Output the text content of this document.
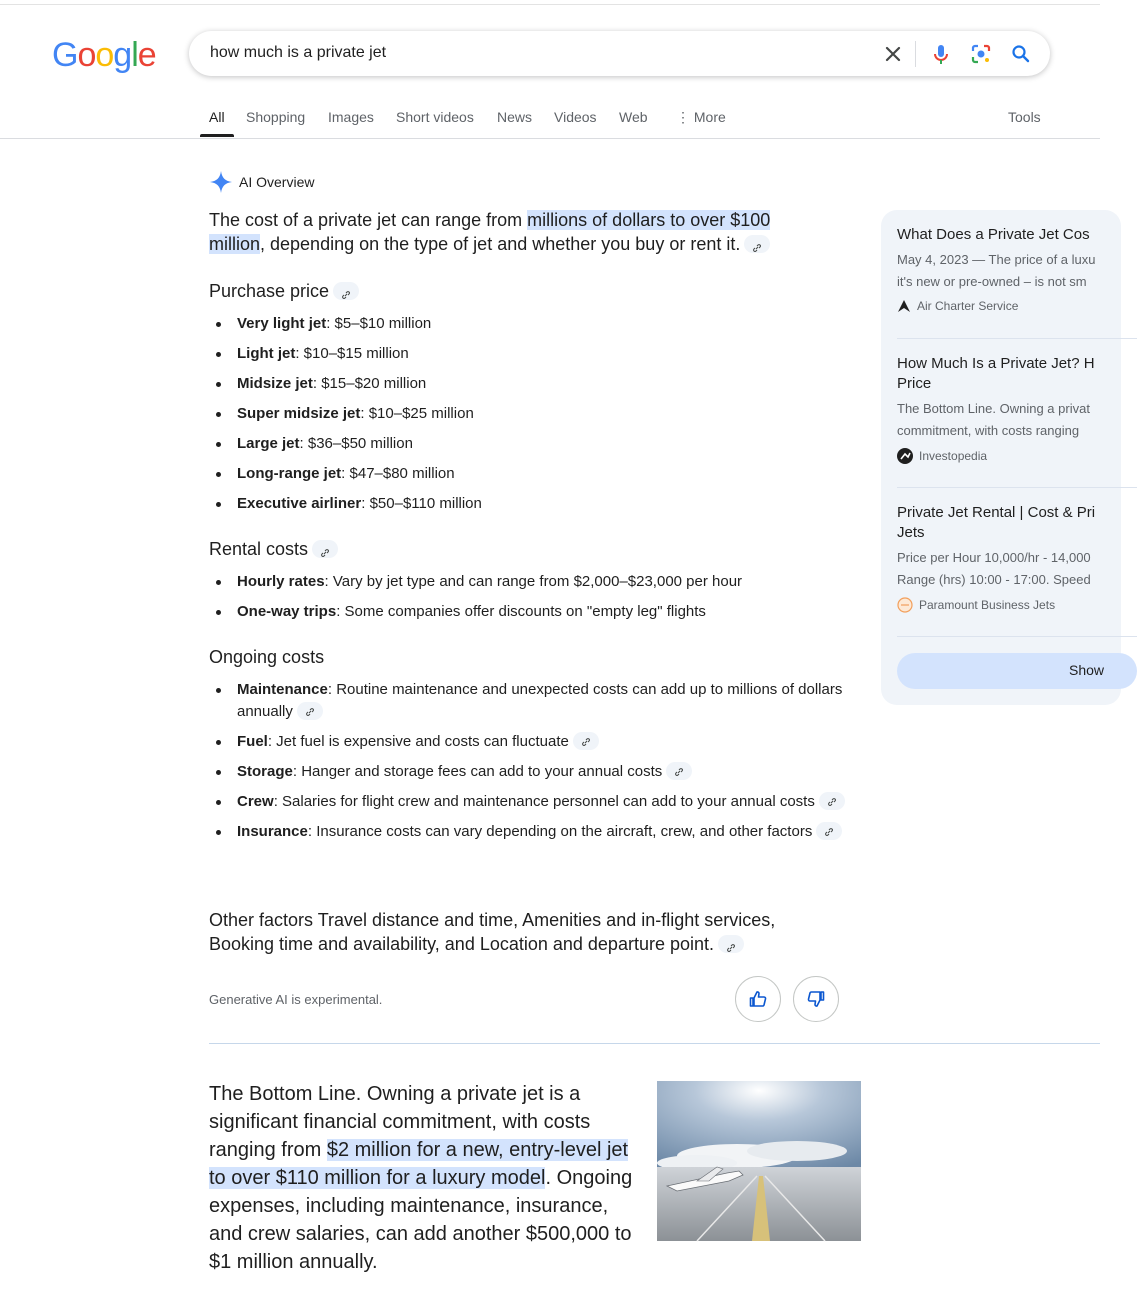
Google	how much is a private jet
All Shopping Images Short videos News Videos Web ⋮ More	Tools
AI Overview

The cost of a private jet can range from millions of dollars to over $100 million, depending on the type of jet and whether you buy or rent it.

Purchase price
Very light jet: $5–$10 million
Light jet: $10–$15 million
Midsize jet: $15–$20 million
Super midsize jet: $10–$25 million
Large jet: $36–$50 million
Long-range jet: $47–$80 million
Executive airliner: $50–$110 million
Rental costs
Hourly rates: Vary by jet type and can range from $2,000–$23,000 per hour
One-way trips: Some companies offer discounts on "empty leg" flights
Ongoing costs
Maintenance: Routine maintenance and unexpected costs can add up to millions of dollars annually
Fuel: Jet fuel is expensive and costs can fluctuate
Storage: Hanger and storage fees can add to your annual costs
Crew: Salaries for flight crew and maintenance personnel can add to your annual costs
Insurance: Insurance costs can vary depending on the aircraft, crew, and other factors

Other factors Travel distance and time, Amenities and in-flight services, Booking time and availability, and Location and departure point.

Generative AI is experimental.
What Does a Private Jet Cos
May 4, 2023 — The price of a luxu
it's new or pre-owned – is not sm
Air Charter Service
How Much Is a Private Jet? H
Price
The Bottom Line. Owning a privat
commitment, with costs ranging
Investopedia
Private Jet Rental | Cost & Pri
Jets
Price per Hour 10,000/hr - 14,000
Range (hrs) 10:00 - 17:00. Speed
Paramount Business Jets
Show
The Bottom Line. Owning a private jet is a significant financial commitment, with costs ranging from $2 million for a new, entry-level jet to over $110 million for a luxury model. Ongoing expenses, including maintenance, insurance, and crew salaries, can add another $500,000 to $1 million annually.
